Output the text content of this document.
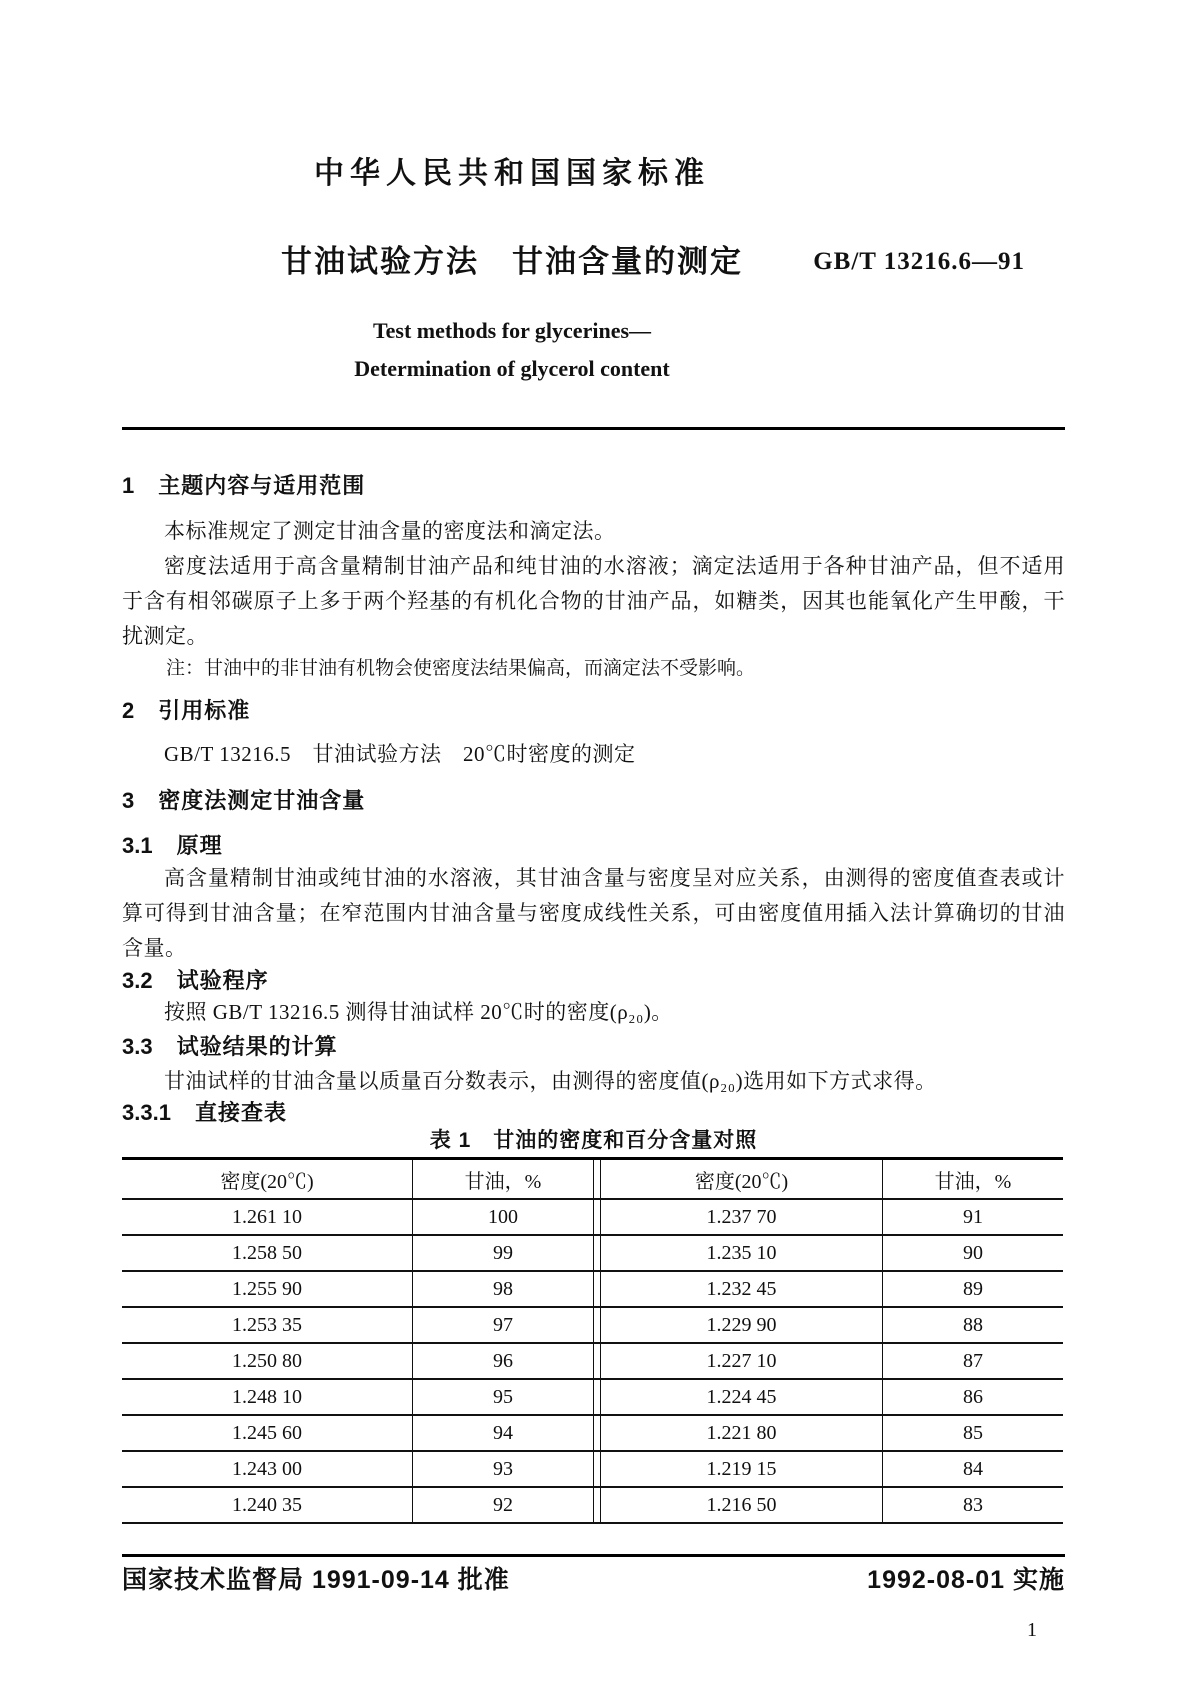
中华人民共和国国家标准
甘油试验方法　甘油含量的测定	GB/T 13216.6—91
Test methods for glycerines—
Determination of glycerol content
1 主题内容与适用范围

本标准规定了测定甘油含量的密度法和滴定法。

密度法适用于高含量精制甘油产品和纯甘油的水溶液；滴定法适用于各种甘油产品，但不适用于含有相邻碳原子上多于两个羟基的有机化合物的甘油产品，如糖类，因其也能氧化产生甲酸，干扰测定。

注：甘油中的非甘油有机物会使密度法结果偏高，而滴定法不受影响。

2 引用标准

GB/T 13216.5　甘油试验方法　20℃时密度的测定

3 密度法测定甘油含量
3.1 原理

高含量精制甘油或纯甘油的水溶液，其甘油含量与密度呈对应关系，由测得的密度值查表或计算可得到甘油含量；在窄范围内甘油含量与密度成线性关系，可由密度值用插入法计算确切的甘油含量。

3.2 试验程序

按照 GB/T 13216.5 测得甘油试样 20℃时的密度(ρ₂₀)。

3.3 试验结果的计算

甘油试样的甘油含量以质量百分数表示，由测得的密度值(ρ₂₀)选用如下方式求得。

3.3.1 直接查表
表 1　甘油的密度和百分含量对照
密度(20℃)	甘油，%		密度(20℃)	甘油，%
1.261 10	100		1.237 70	91
1.258 50	99		1.235 10	90
1.255 90	98		1.232 45	89
1.253 35	97		1.229 90	88
1.250 80	96		1.227 10	87
1.248 10	95		1.224 45	86
1.245 60	94		1.221 80	85
1.243 00	93		1.219 15	84
1.240 35	92		1.216 50	83
国家技术监督局 1991-09-14 批准	1992-08-01 实施
1
